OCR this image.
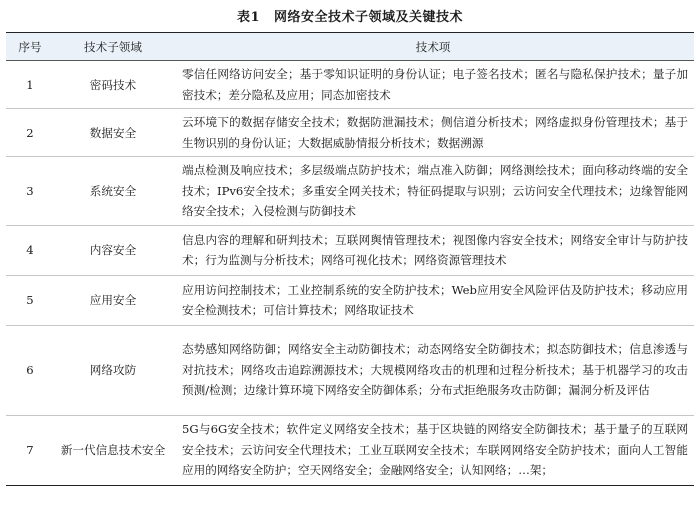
表1 网络安全技术子领域及关键技术
序号	技术子领域	技术项
1	密码技术	零信任网络访问安全；基于零知识证明的身份认证；电子签名技术；匿名与隐私保护技术；量子加密技术；差分隐私及应用；同态加密技术
2	数据安全	云环境下的数据存储安全技术；数据防泄漏技术；侧信道分析技术；网络虚拟身份管理技术；基于生物识别的身份认证；大数据威胁情报分析技术；数据溯源
3	系统安全	端点检测及响应技术；多层级端点防护技术；端点准入防御；网络测绘技术；面向移动终端的安全技术；IPv6安全技术；多重安全网关技术；特征码提取与识别；云访问安全代理技术；边缘智能网络安全技术；入侵检测与防御技术
4	内容安全	信息内容的理解和研判技术；互联网舆情管理技术；视图像内容安全技术；网络安全审计与防护技术；行为监测与分析技术；网络可视化技术；网络资源管理技术
5	应用安全	应用访问控制技术；工业控制系统的安全防护技术；Web应用安全风险评估及防护技术；移动应用安全检测技术；可信计算技术；网络取证技术
6	网络攻防	态势感知网络防御；网络安全主动防御技术；动态网络安全防御技术；拟态防御技术；信息渗透与对抗技术；网络攻击追踪溯源技术；大规模网络攻击的机理和过程分析技术；基于机器学习的攻击预测/检测；边缘计算环境下网络安全防御体系；分布式拒绝服务攻击防御；漏洞分析及评估
7	新一代信息技术安全	5G与6G安全技术；软件定义网络安全技术；基于区块链的网络安全防御技术；基于量子的互联网安全技术；云访问安全代理技术；工业互联网安全技术；车联网网络安全防护技术；面向人工智能应用的网络安全防护；空天网络安全；金融网络安全；认知网络；…架；
